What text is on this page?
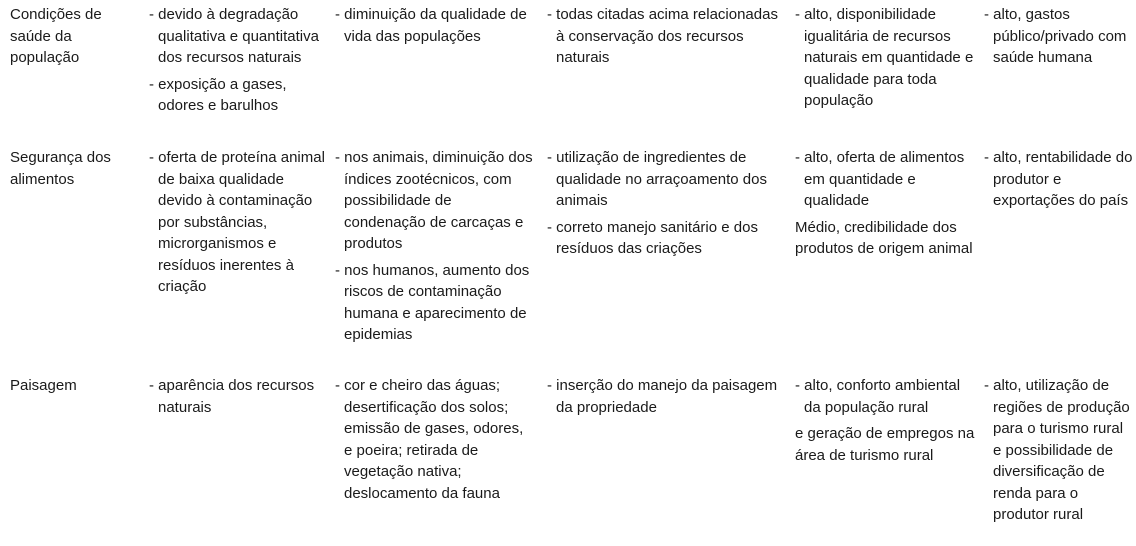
Condições de saúde da população
- devido à degradação qualitativa e quantitativa dos recursos naturais
- exposição a gases, odores e barulhos
- diminuição da qualidade de vida das populações
- todas citadas acima relacionadas à conservação dos recursos naturais
- alto, disponibilidade igualitária de recursos naturais em quantidade e qualidade para toda população
- alto, gastos público/privado com saúde humana
Segurança dos alimentos
- oferta de proteína animal de baixa qualidade devido à contaminação por substâncias, microrganismos e resíduos inerentes à criação
- nos animais, diminuição dos índices zootécnicos, com possibilidade de condenação de carcaças e produtos
- nos humanos, aumento dos riscos de contaminação humana e aparecimento de epidemias
- utilização de ingredientes de qualidade no arraçoamento dos animais
- correto manejo sanitário e dos resíduos das criações
- alto, oferta de alimentos em quantidade e qualidade
Médio, credibilidade dos produtos de origem animal
- alto, rentabilidade do produtor e exportações do país
Paisagem	- aparência dos recursos naturais
- cor e cheiro das águas; desertificação dos solos; emissão de gases, odores, e poeira; retirada de vegetação nativa; deslocamento da fauna
- inserção do manejo da paisagem da propriedade
- alto, conforto ambiental da população rural
e geração de empregos na área de turismo rural
- alto, utilização de regiões de produção para o turismo rural e possibilidade de diversificação de renda para o produtor rural
